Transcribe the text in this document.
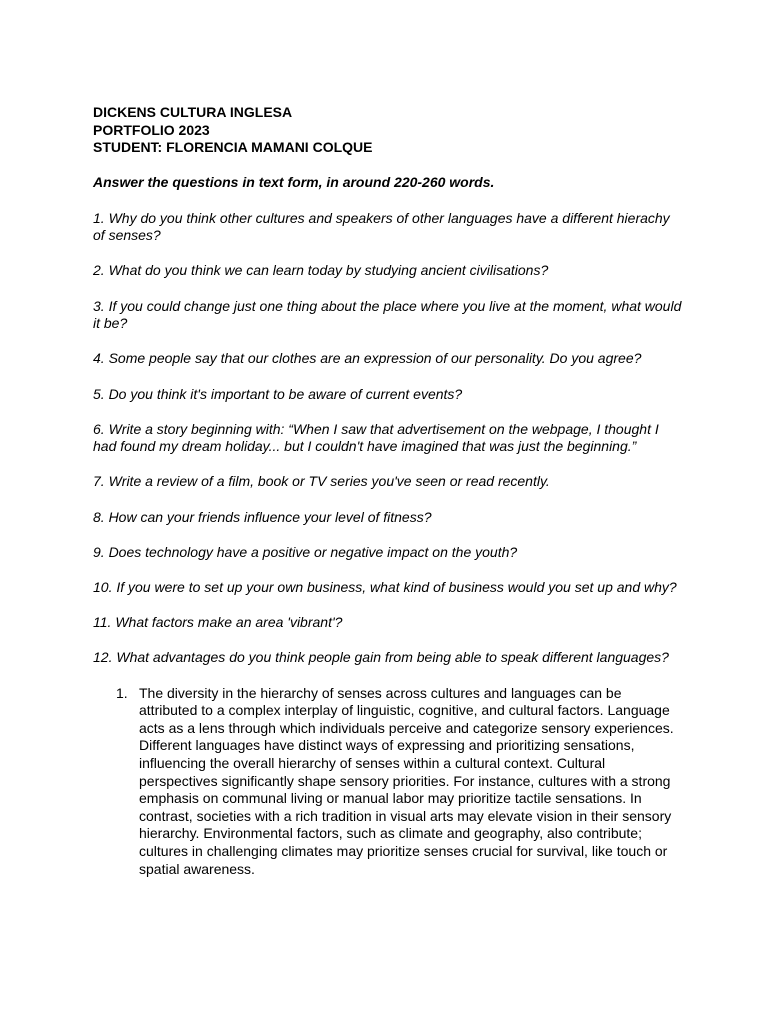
DICKENS CULTURA INGLESA

PORTFOLIO 2023

STUDENT: FLORENCIA MAMANI COLQUE

Answer the questions in text form, in around 220-260 words.

1. Why do you think other cultures and speakers of other languages have a different hierachy of senses?

2. What do you think we can learn today by studying ancient civilisations?

3. If you could change just one thing about the place where you live at the moment, what would it be?

4. Some people say that our clothes are an expression of our personality. Do you agree?

5. Do you think it's important to be aware of current events?

6. Write a story beginning with: “When I saw that advertisement on the webpage, I thought I had found my dream holiday... but I couldn't have imagined that was just the beginning.”

7. Write a review of a film, book or TV series you've seen or read recently.

8. How can your friends influence your level of fitness?

9. Does technology have a positive or negative impact on the youth?

10. If you were to set up your own business, what kind of business would you set up and why?

11. What factors make an area 'vibrant'?

12. What advantages do you think people gain from being able to speak different languages?

1. The diversity in the hierarchy of senses across cultures and languages can be attributed to a complex interplay of linguistic, cognitive, and cultural factors. Language acts as a lens through which individuals perceive and categorize sensory experiences. Different languages have distinct ways of expressing and prioritizing sensations, influencing the overall hierarchy of senses within a cultural context. Cultural perspectives significantly shape sensory priorities. For instance, cultures with a strong emphasis on communal living or manual labor may prioritize tactile sensations. In contrast, societies with a rich tradition in visual arts may elevate vision in their sensory hierarchy. Environmental factors, such as climate and geography, also contribute; cultures in challenging climates may prioritize senses crucial for survival, like touch or spatial awareness.
